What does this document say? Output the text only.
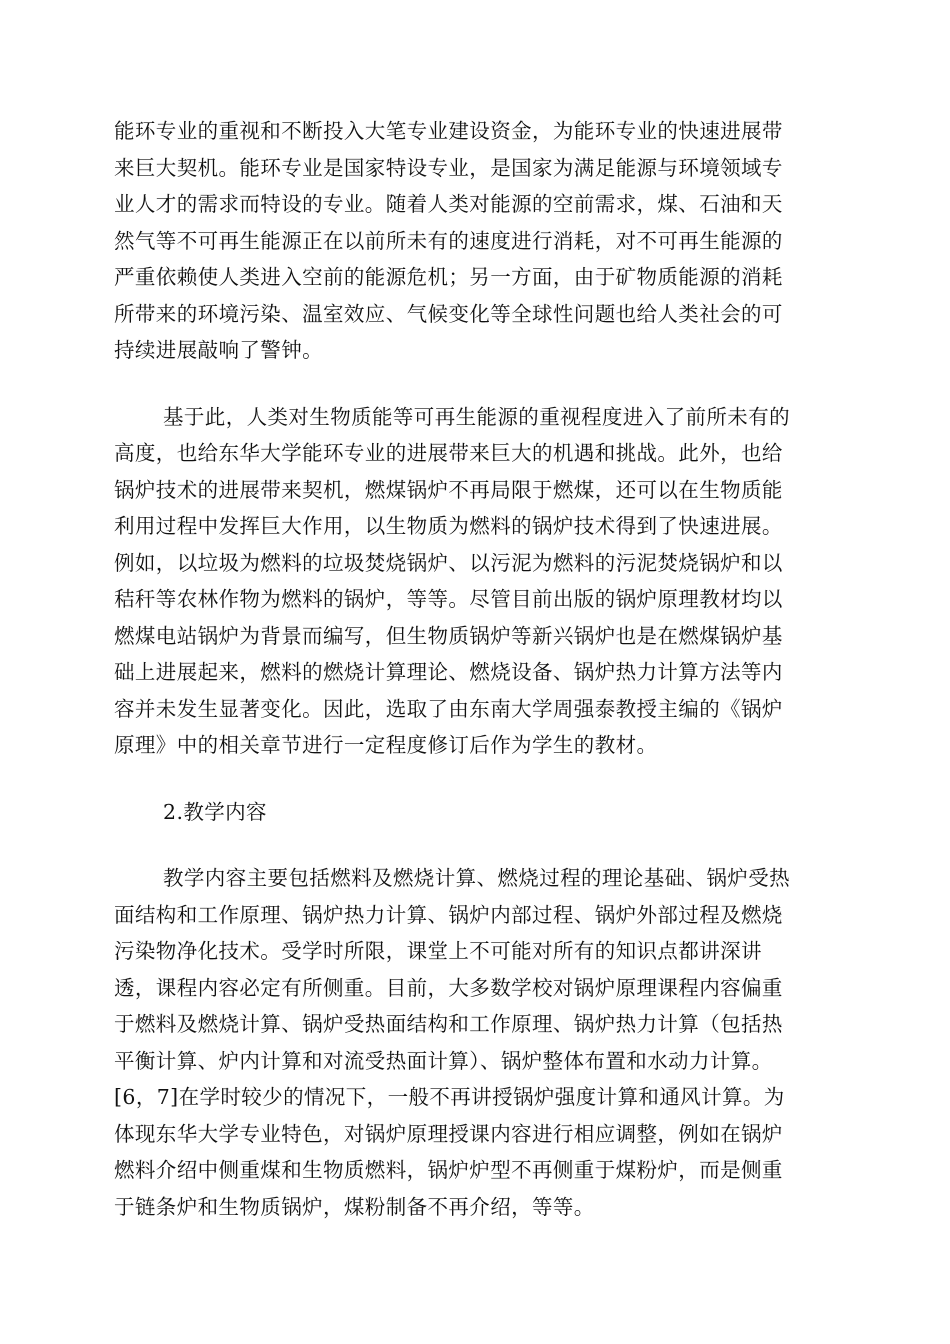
能环专业的重视和不断投入大笔专业建设资金，为能环专业的快速进展带
来巨大契机。能环专业是国家特设专业，是国家为满足能源与环境领域专
业人才的需求而特设的专业。随着人类对能源的空前需求，煤、石油和天
然气等不可再生能源正在以前所未有的速度进行消耗，对不可再生能源的
严重依赖使人类进入空前的能源危机；另一方面，由于矿物质能源的消耗
所带来的环境污染、温室效应、气候变化等全球性问题也给人类社会的可
持续进展敲响了警钟。
基于此，人类对生物质能等可再生能源的重视程度进入了前所未有的
高度，也给东华大学能环专业的进展带来巨大的机遇和挑战。此外，也给
锅炉技术的进展带来契机，燃煤锅炉不再局限于燃煤，还可以在生物质能
利用过程中发挥巨大作用，以生物质为燃料的锅炉技术得到了快速进展。
例如，以垃圾为燃料的垃圾焚烧锅炉、以污泥为燃料的污泥焚烧锅炉和以
秸秆等农林作物为燃料的锅炉，等等。尽管目前出版的锅炉原理教材均以
燃煤电站锅炉为背景而编写，但生物质锅炉等新兴锅炉也是在燃煤锅炉基
础上进展起来，燃料的燃烧计算理论、燃烧设备、锅炉热力计算方法等内
容并未发生显著变化。因此，选取了由东南大学周强泰教授主编的《锅炉
原理》中的相关章节进行一定程度修订后作为学生的教材。
2.教学内容
教学内容主要包括燃料及燃烧计算、燃烧过程的理论基础、锅炉受热
面结构和工作原理、锅炉热力计算、锅炉内部过程、锅炉外部过程及燃烧
污染物净化技术。受学时所限，课堂上不可能对所有的知识点都讲深讲
透，课程内容必定有所侧重。目前，大多数学校对锅炉原理课程内容偏重
于燃料及燃烧计算、锅炉受热面结构和工作原理、锅炉热力计算（包括热
平衡计算、炉内计算和对流受热面计算）、锅炉整体布置和水动力计算。
[6，7]在学时较少的情况下，一般不再讲授锅炉强度计算和通风计算。为
体现东华大学专业特色，对锅炉原理授课内容进行相应调整，例如在锅炉
燃料介绍中侧重煤和生物质燃料，锅炉炉型不再侧重于煤粉炉，而是侧重
于链条炉和生物质锅炉，煤粉制备不再介绍，等等。
